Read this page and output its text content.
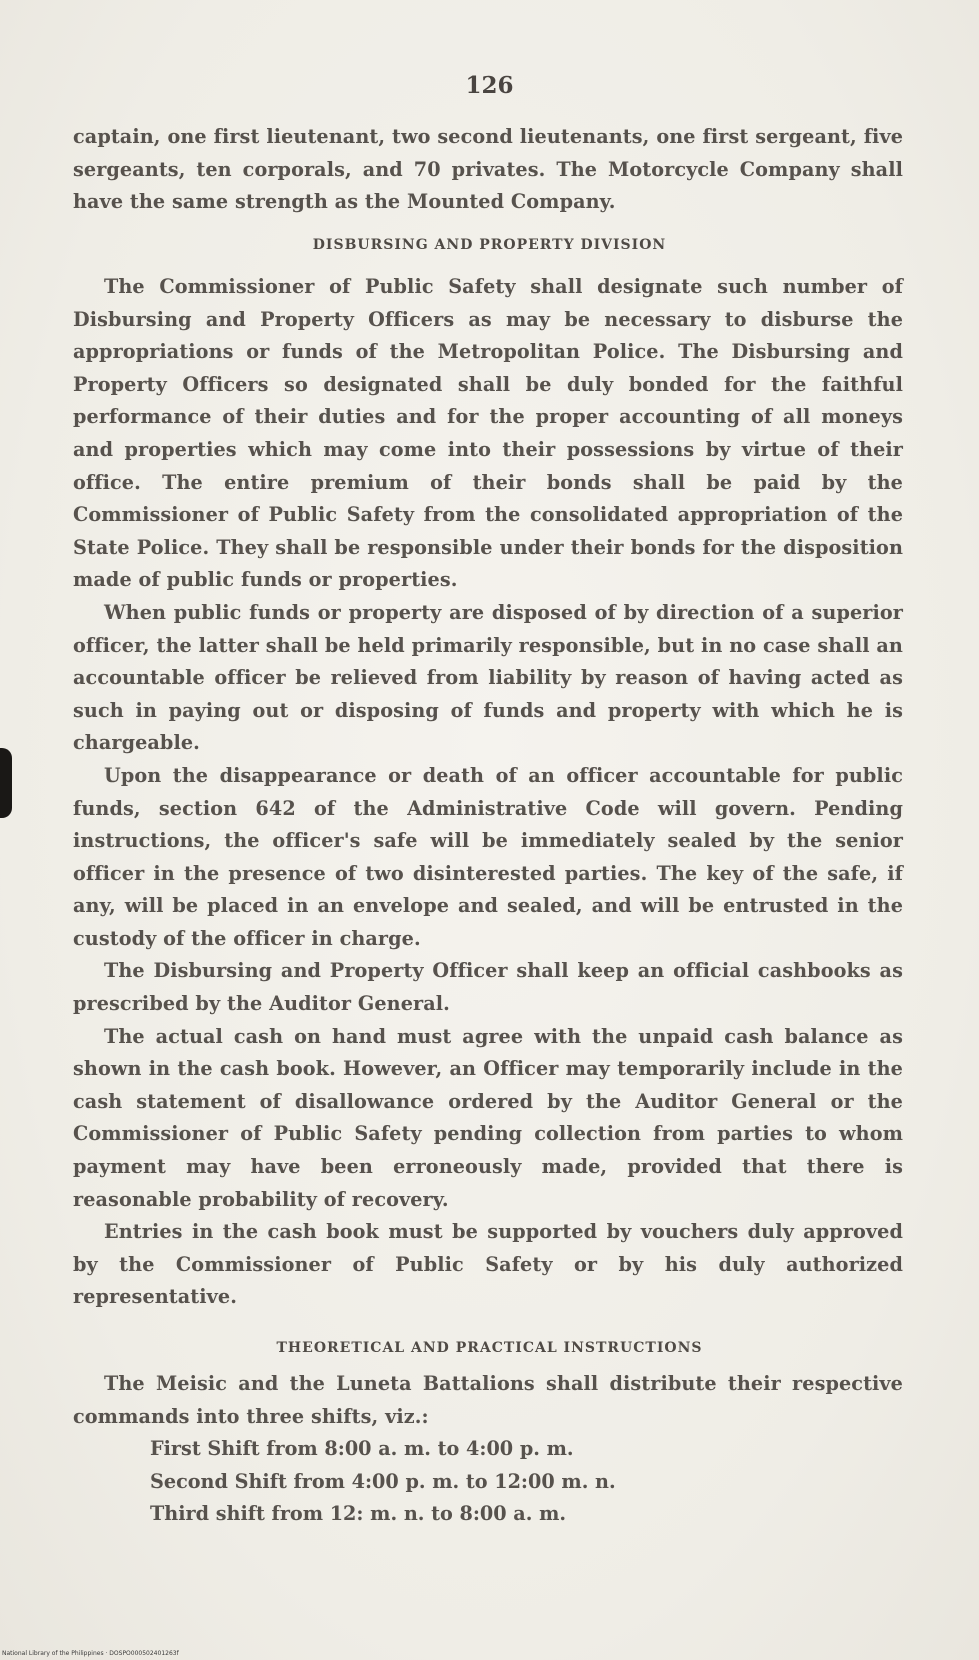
126

captain, one first lieutenant, two second lieutenants, one first sergeant, five sergeants, ten corporals, and 70 privates. The Motorcycle Company shall have the same strength as the Mounted Company.

DISBURSING AND PROPERTY DIVISION

The Commissioner of Public Safety shall designate such number of Disbursing and Property Officers as may be necessary to disburse the appropriations or funds of the Metropolitan Police. The Disbursing and Property Officers so designated shall be duly bonded for the faithful performance of their duties and for the proper accounting of all moneys and properties which may come into their possessions by virtue of their office. The entire premium of their bonds shall be paid by the Commissioner of Public Safety from the consolidated appropriation of the State Police. They shall be responsible under their bonds for the disposition made of public funds or properties.

When public funds or property are disposed of by direction of a superior officer, the latter shall be held primarily responsible, but in no case shall an accountable officer be relieved from liability by reason of having acted as such in paying out or disposing of funds and property with which he is chargeable.

Upon the disappearance or death of an officer accountable for public funds, section 642 of the Administrative Code will govern. Pending instructions, the officer's safe will be immediately sealed by the senior officer in the presence of two disinterested parties. The key of the safe, if any, will be placed in an envelope and sealed, and will be entrusted in the custody of the officer in charge.

The Disbursing and Property Officer shall keep an official cashbooks as prescribed by the Auditor General.

The actual cash on hand must agree with the unpaid cash balance as shown in the cash book. However, an Officer may temporarily include in the cash statement of disallowance ordered by the Auditor General or the Commissioner of Public Safety pending collection from parties to whom payment may have been erroneously made, provided that there is reasonable probability of recovery.

Entries in the cash book must be supported by vouchers duly approved by the Commissioner of Public Safety or by his duly authorized representative.

THEORETICAL AND PRACTICAL INSTRUCTIONS

The Meisic and the Luneta Battalions shall distribute their respective commands into three shifts, viz.:

First Shift from 8:00 a. m. to 4:00 p. m.
Second Shift from 4:00 p. m. to 12:00 m. n.
Third shift from 12: m. n. to 8:00 a. m.
National Library of the Philippines · DOSPO000502401263f
